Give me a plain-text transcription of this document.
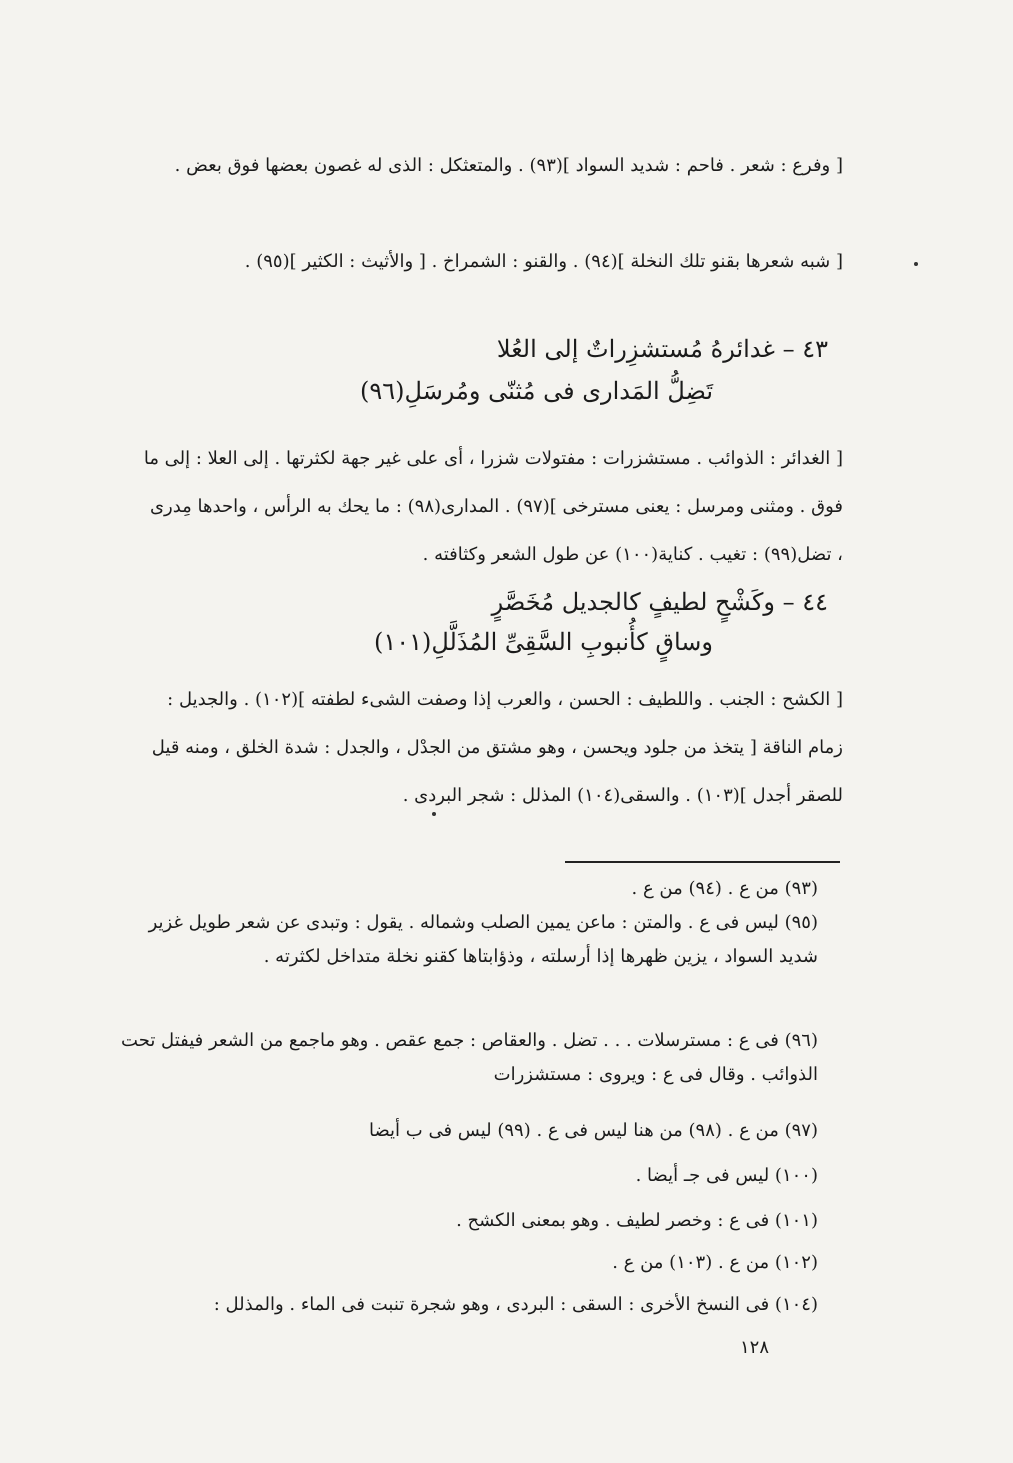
[ وفرع : شعر . فاحم : شديد السواد ](٩٣) . والمتعثكل : الذى له غصون بعضها فوق بعض .
[ شبه شعرها بقنو تلك النخلة ](٩٤) . والقنو : الشمراخ . [ والأثيث : الكثير ](٩٥) .
٤٣ – غدائرهُ مُستشزِراتٌ إلى العُلا
تَضِلُّ المَدارى فى مُثنّى ومُرسَلِ(٩٦)
[ الغدائر : الذوائب . مستشزرات : مفتولات شزرا ، أى على غير جهة لكثرتها . إلى العلا : إلى ما فوق . ومثنى ومرسل : يعنى مسترخى ](٩٧) . المدارى(٩٨) : ما يحك به الرأس ، واحدها مِدرى ، تضل(٩٩) : تغيب . كناية(١٠٠) عن طول الشعر وكثافته .
٤٤ – وكَشْحٍ لطيفٍ كالجديل مُخَصَّرٍ
وساقٍ كأُنبوبِ السَّقِىِّ المُذَلَّلِ(١٠١)
[ الكشح : الجنب . واللطيف : الحسن ، والعرب إذا وصفت الشىء لطفته ](١٠٢) . والجديل : زمام الناقة [ يتخذ من جلود ويحسن ، وهو مشتق من الجدْل ، والجدل : شدة الخلق ، ومنه قيل للصقر أجدل ](١٠٣) . والسقى(١٠٤) المذلل : شجر البردى .
(٩٣) من ع . (٩٤) من ع .
(٩٥) ليس فى ع . والمتن : ماعن يمين الصلب وشماله . يقول : وتبدى عن شعر طويل غزير شديد السواد ، يزين ظهرها إذا أرسلته ، وذؤابتاها كقنو نخلة متداخل لكثرته .
(٩٦) فى ع : مسترسلات . . . تضل . والعقاص : جمع عقص . وهو ماجمع من الشعر فيفتل تحت الذوائب . وقال فى ع : ويروى : مستشزرات
(٩٧) من ع . (٩٨) من هنا ليس فى ع . (٩٩) ليس فى ب أيضا
(١٠٠) ليس فى جـ أيضا .
(١٠١) فى ع : وخصر لطيف . وهو بمعنى الكشح .
(١٠٢) من ع . (١٠٣) من ع .
(١٠٤) فى النسخ الأخرى : السقى : البردى ، وهو شجرة تنبت فى الماء . والمذلل :
١٢٨
